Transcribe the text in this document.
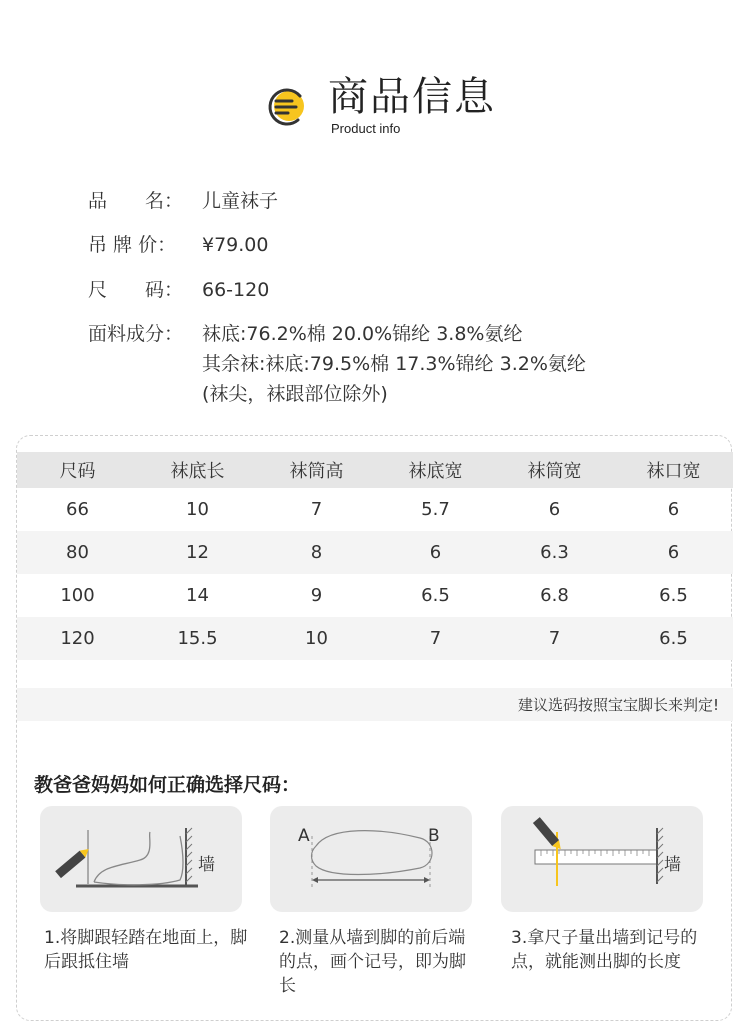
商品信息
Product info
品　　名： 儿童袜子
吊 牌 价：	¥79.00
尺　　码： 66-120
面料成分： 袜底:76.2%棉 20.0%锦纶 3.8%氨纶
其余袜:袜底:79.5%棉 17.3%锦纶 3.2%氨纶
(袜尖，袜跟部位除外)
尺码	袜底长	袜筒高	袜底宽	袜筒宽	袜口宽
66	10	7	5.7	6	6
80	12	8	6	6.3	6
100	14	9	6.5	6.8	6.5
120	15.5	10	7	7	6.5
建议选码按照宝宝脚长来判定!
教爸爸妈妈如何正确选择尺码：
墙
A	B
墙
1.将脚跟轻踏在地面上，脚后跟抵住墙
2.测量从墙到脚的前后端的点，画个记号，即为脚长
3.拿尺子量出墙到记号的点，就能测出脚的长度
